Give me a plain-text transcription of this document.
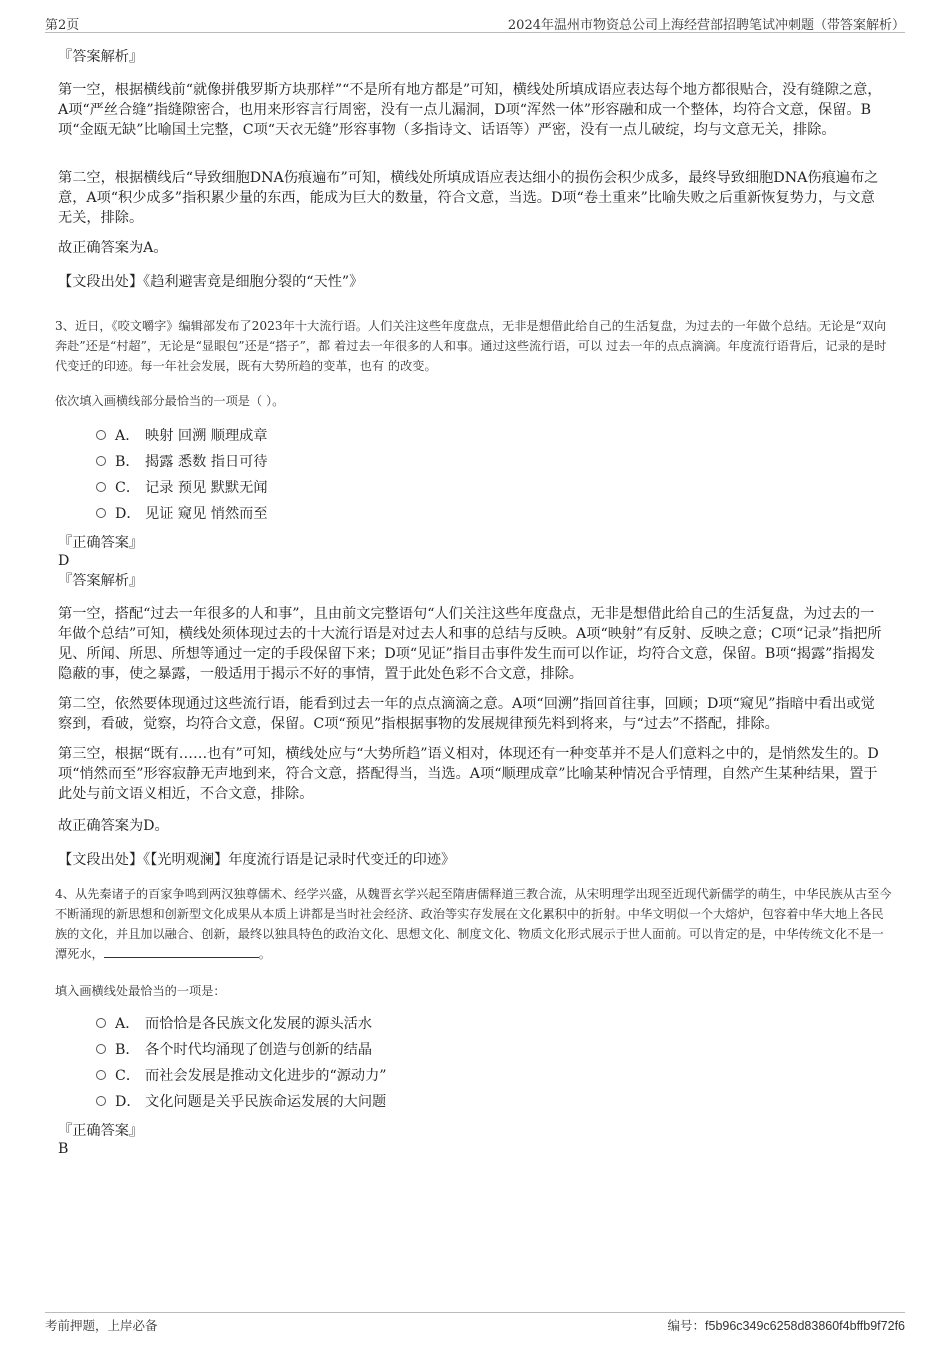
第2页	2024年温州市物资总公司上海经营部招聘笔试冲刺题（带答案解析）
『答案解析』
第一空，根据横线前“就像拼俄罗斯方块那样”“不是所有地方都是”可知，横线处所填成语应表达每个地方都很贴合，没有缝隙之意，A项“严丝合缝”指缝隙密合，也用来形容言行周密，没有一点儿漏洞，D项“浑然一体”形容融和成一个整体，均符合文意，保留。B项“金瓯无缺”比喻国土完整，C项“天衣无缝”形容事物（多指诗文、话语等）严密，没有一点儿破绽，均与文意无关，排除。
第二空，根据横线后“导致细胞DNA伤痕遍布”可知，横线处所填成语应表达细小的损伤会积少成多，最终导致细胞DNA伤痕遍布之意，A项“积少成多”指积累少量的东西，能成为巨大的数量，符合文意，当选。D项“卷土重来”比喻失败之后重新恢复势力，与文意无关，排除。
故正确答案为A。
【文段出处】《趋利避害竟是细胞分裂的“天性”》
3、近日，《咬文嚼字》编辑部发布了2023年十大流行语。人们关注这些年度盘点，无非是想借此给自己的生活复盘，为过去的一年做个总结。无论是“双向奔赴”还是“村超”，无论是“显眼包”还是“搭子”，都 着过去一年很多的人和事。通过这些流行语，可以 过去一年的点点滴滴。年度流行语背后，记录的是时代变迁的印迹。每一年社会发展，既有大势所趋的变革，也有 的改变。
依次填入画横线部分最恰当的一项是（ ）。
A． 映射 回溯 顺理成章
B． 揭露 悉数 指日可待
C． 记录 预见 默默无闻
D． 见证 窥见 悄然而至
『正确答案』
D
『答案解析』
第一空，搭配“过去一年很多的人和事”，且由前文完整语句“人们关注这些年度盘点，无非是想借此给自己的生活复盘，为过去的一年做个总结”可知，横线处须体现过去的十大流行语是对过去人和事的总结与反映。A项“映射”有反射、反映之意；C项“记录”指把所见、所闻、所思、所想等通过一定的手段保留下来；D项“见证”指目击事件发生而可以作证，均符合文意，保留。B项“揭露”指揭发隐蔽的事，使之暴露，一般适用于揭示不好的事情，置于此处色彩不合文意，排除。
第二空，依然要体现通过这些流行语，能看到过去一年的点点滴滴之意。A项“回溯”指回首往事，回顾；D项“窥见”指暗中看出或觉察到，看破，觉察，均符合文意，保留。C项“预见”指根据事物的发展规律预先料到将来，与“过去”不搭配，排除。
第三空，根据“既有……也有”可知，横线处应与“大势所趋”语义相对，体现还有一种变革并不是人们意料之中的，是悄然发生的。D项“悄然而至”形容寂静无声地到来，符合文意，搭配得当，当选。A项“顺理成章”比喻某种情况合乎情理，自然产生某种结果，置于此处与前文语义相近，不合文意，排除。
故正确答案为D。
【文段出处】《【光明观澜】年度流行语是记录时代变迁的印迹》
4、从先秦诸子的百家争鸣到两汉独尊儒术、经学兴盛，从魏晋玄学兴起至隋唐儒释道三教合流，从宋明理学出现至近现代新儒学的萌生，中华民族从古至今不断涌现的新思想和创新型文化成果从本质上讲都是当时社会经济、政治等实存发展在文化累积中的折射。中华文明似一个大熔炉，包容着中华大地上各民族的文化，并且加以融合、创新，最终以独具特色的政治文化、思想文化、制度文化、物质文化形式展示于世人面前。可以肯定的是，中华传统文化不是一潭死水，	。
填入画横线处最恰当的一项是：
A． 而恰恰是各民族文化发展的源头活水
B． 各个时代均涌现了创造与创新的结晶
C． 而社会发展是推动文化进步的“源动力”
D． 文化问题是关乎民族命运发展的大问题
『正确答案』
B
考前押题，上岸必备	编号：f5b96c349c6258d83860f4bffb9f72f6
